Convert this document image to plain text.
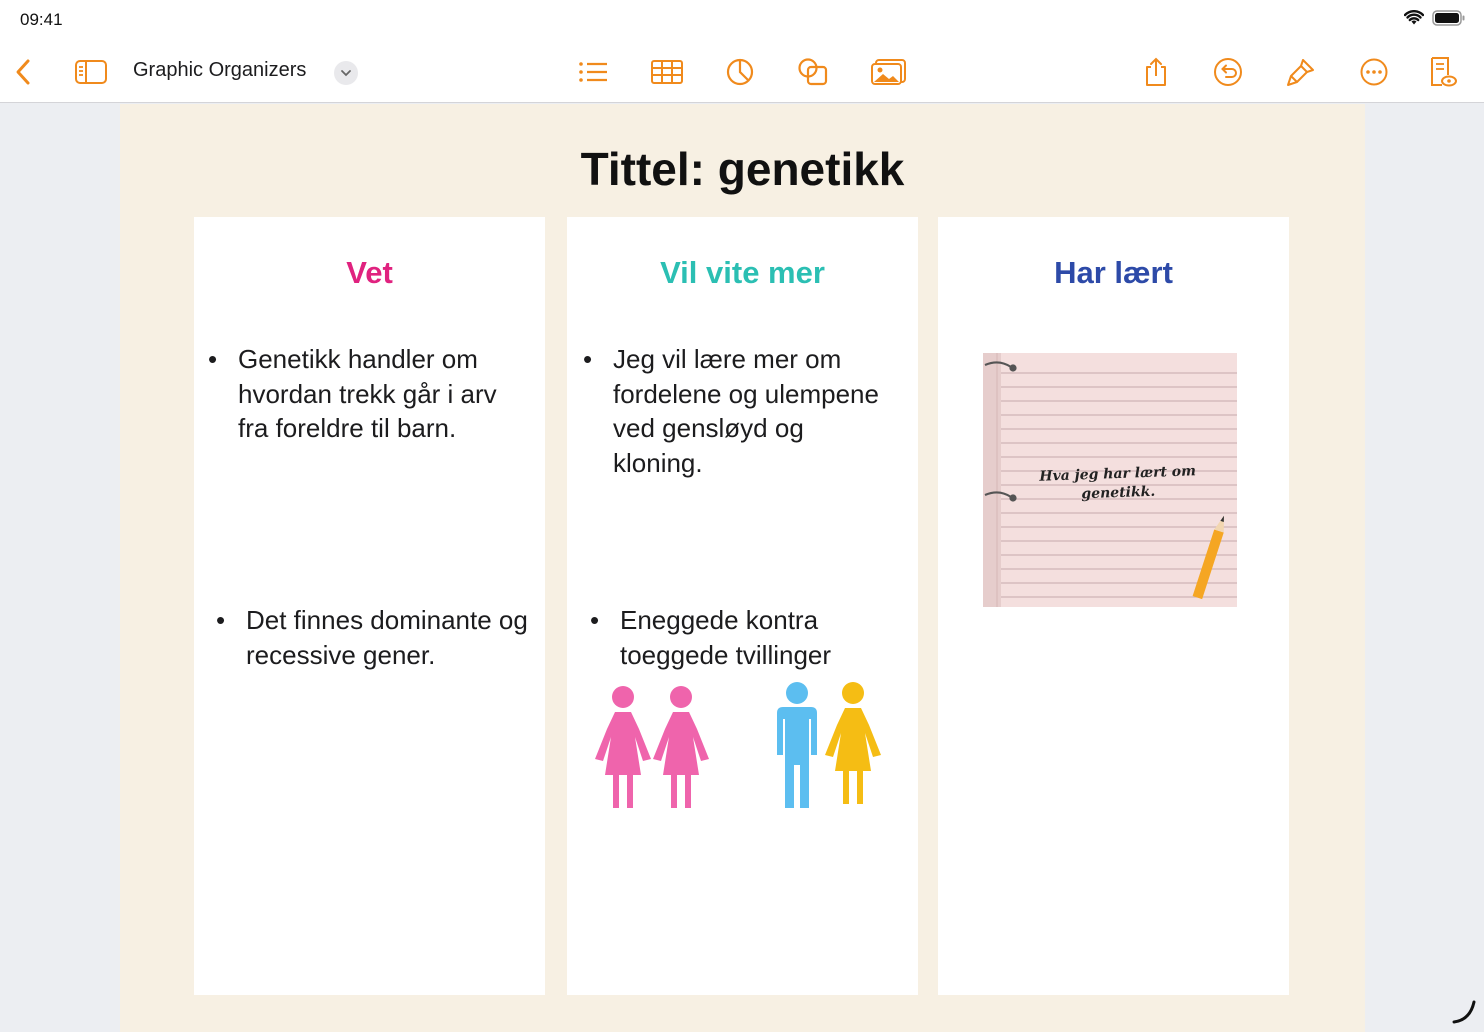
09:41
Graphic Organizers
Tittel: genetikk
Vet
• Genetikk handler om hvordan trekk går i arv fra foreldre til barn.
• Det finnes dominante og recessive gener.
Vil vite mer
• Jeg vil lære mer om fordelene og ulempene ved gensløyd og kloning.
• Eneggede kontra toeggede tvillinger
Har lært
Hva jeg har lært om genetikk.
